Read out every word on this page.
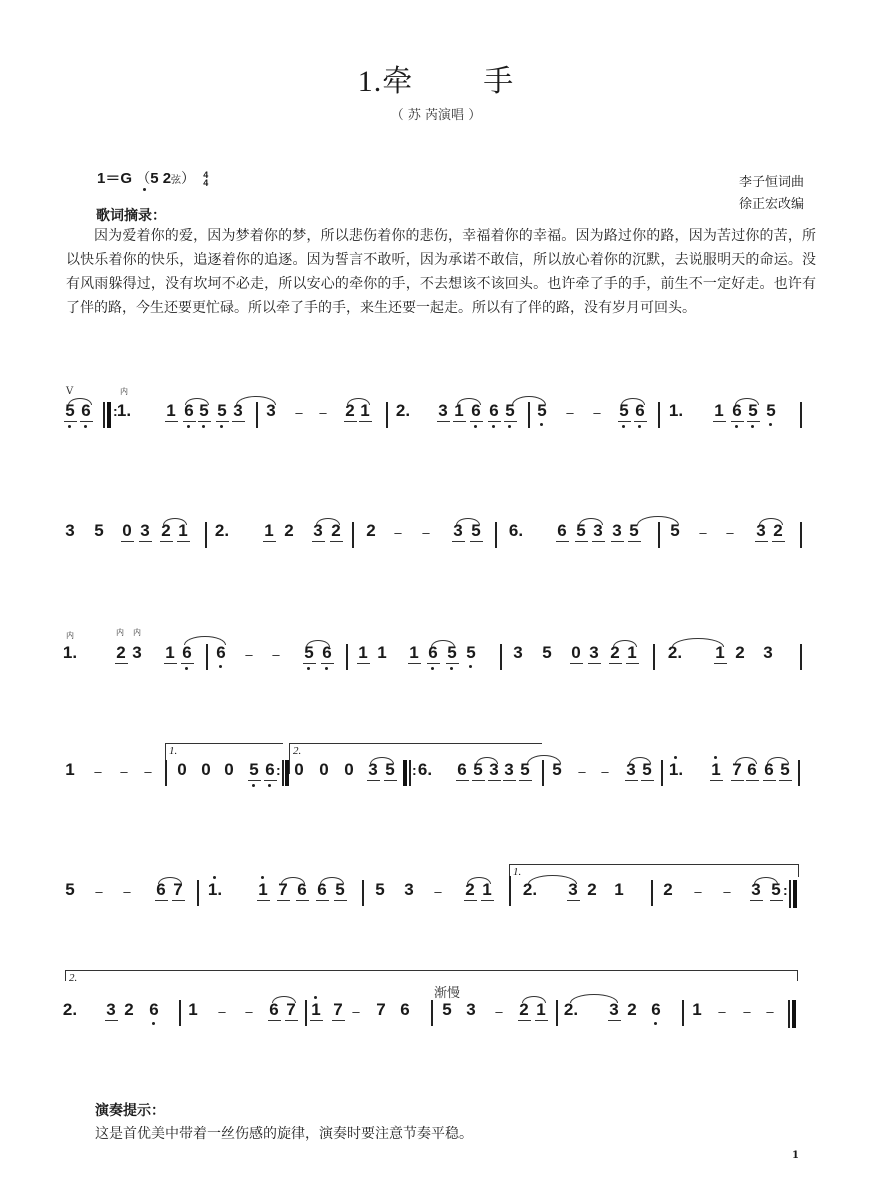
1.牵 手
（ 苏 芮演唱 ）
1＝G （5 2弦） 4
4	李子恒词曲
徐正宏改编
歌词摘录：
因为爱着你的爱，因为梦着你的梦，所以悲伤着你的悲伤，幸福着你的幸福。因为路过你的路，因为苦过你的苦，所以快乐着你的快乐，追逐着你的追逐。因为誓言不敢听，因为承诺不敢信，所以放心着你的沉默，去说服明天的命运。没有风雨躲得过，没有坎坷不必走，所以安心的牵你的手，不去想该不该回头。也许牵了手的手，前生不一定好走。也许有了伴的路，今生还要更忙碌。所以牵了手的手，来生还要一起走。所以有了伴的路，没有岁月可回头。
5 6 1. 1 6 5 5 3 3 – – 2 1 2. 3 1 6 6 5 5 – – 5 6 1. 1 6 5 5
3 5 0 3 2 1 2. 1 2 3 2 2 – – 3 5 6. 6 5 3 3 5 5 – – 3 2
1. 2 3 1 6 6 – – 5 6 1 1 1 6 5 5 3 5 0 3 2 1 2. 1 2 3
1 – – – 0 0 0 5 6 0 0 0 3 5 6. 6 5 3 3 5 5 – – 3 5 1. 1 7 6 6 5
5 – – 6 7 1. 1 7 6 6 5 5 3 – 2 1 2. 3 2 1 2 – – 3 5
2. 3 2 6 1 – – 6 7 1 7 – 7 6 5 3 – 2 1 2. 3 2 6 1 – – –
V	内
:
内	内 内
1.	2.
:	:
1.
:
2.
渐慢
演奏提示：
这是首优美中带着一丝伤感的旋律，演奏时要注意节奏平稳。
1
